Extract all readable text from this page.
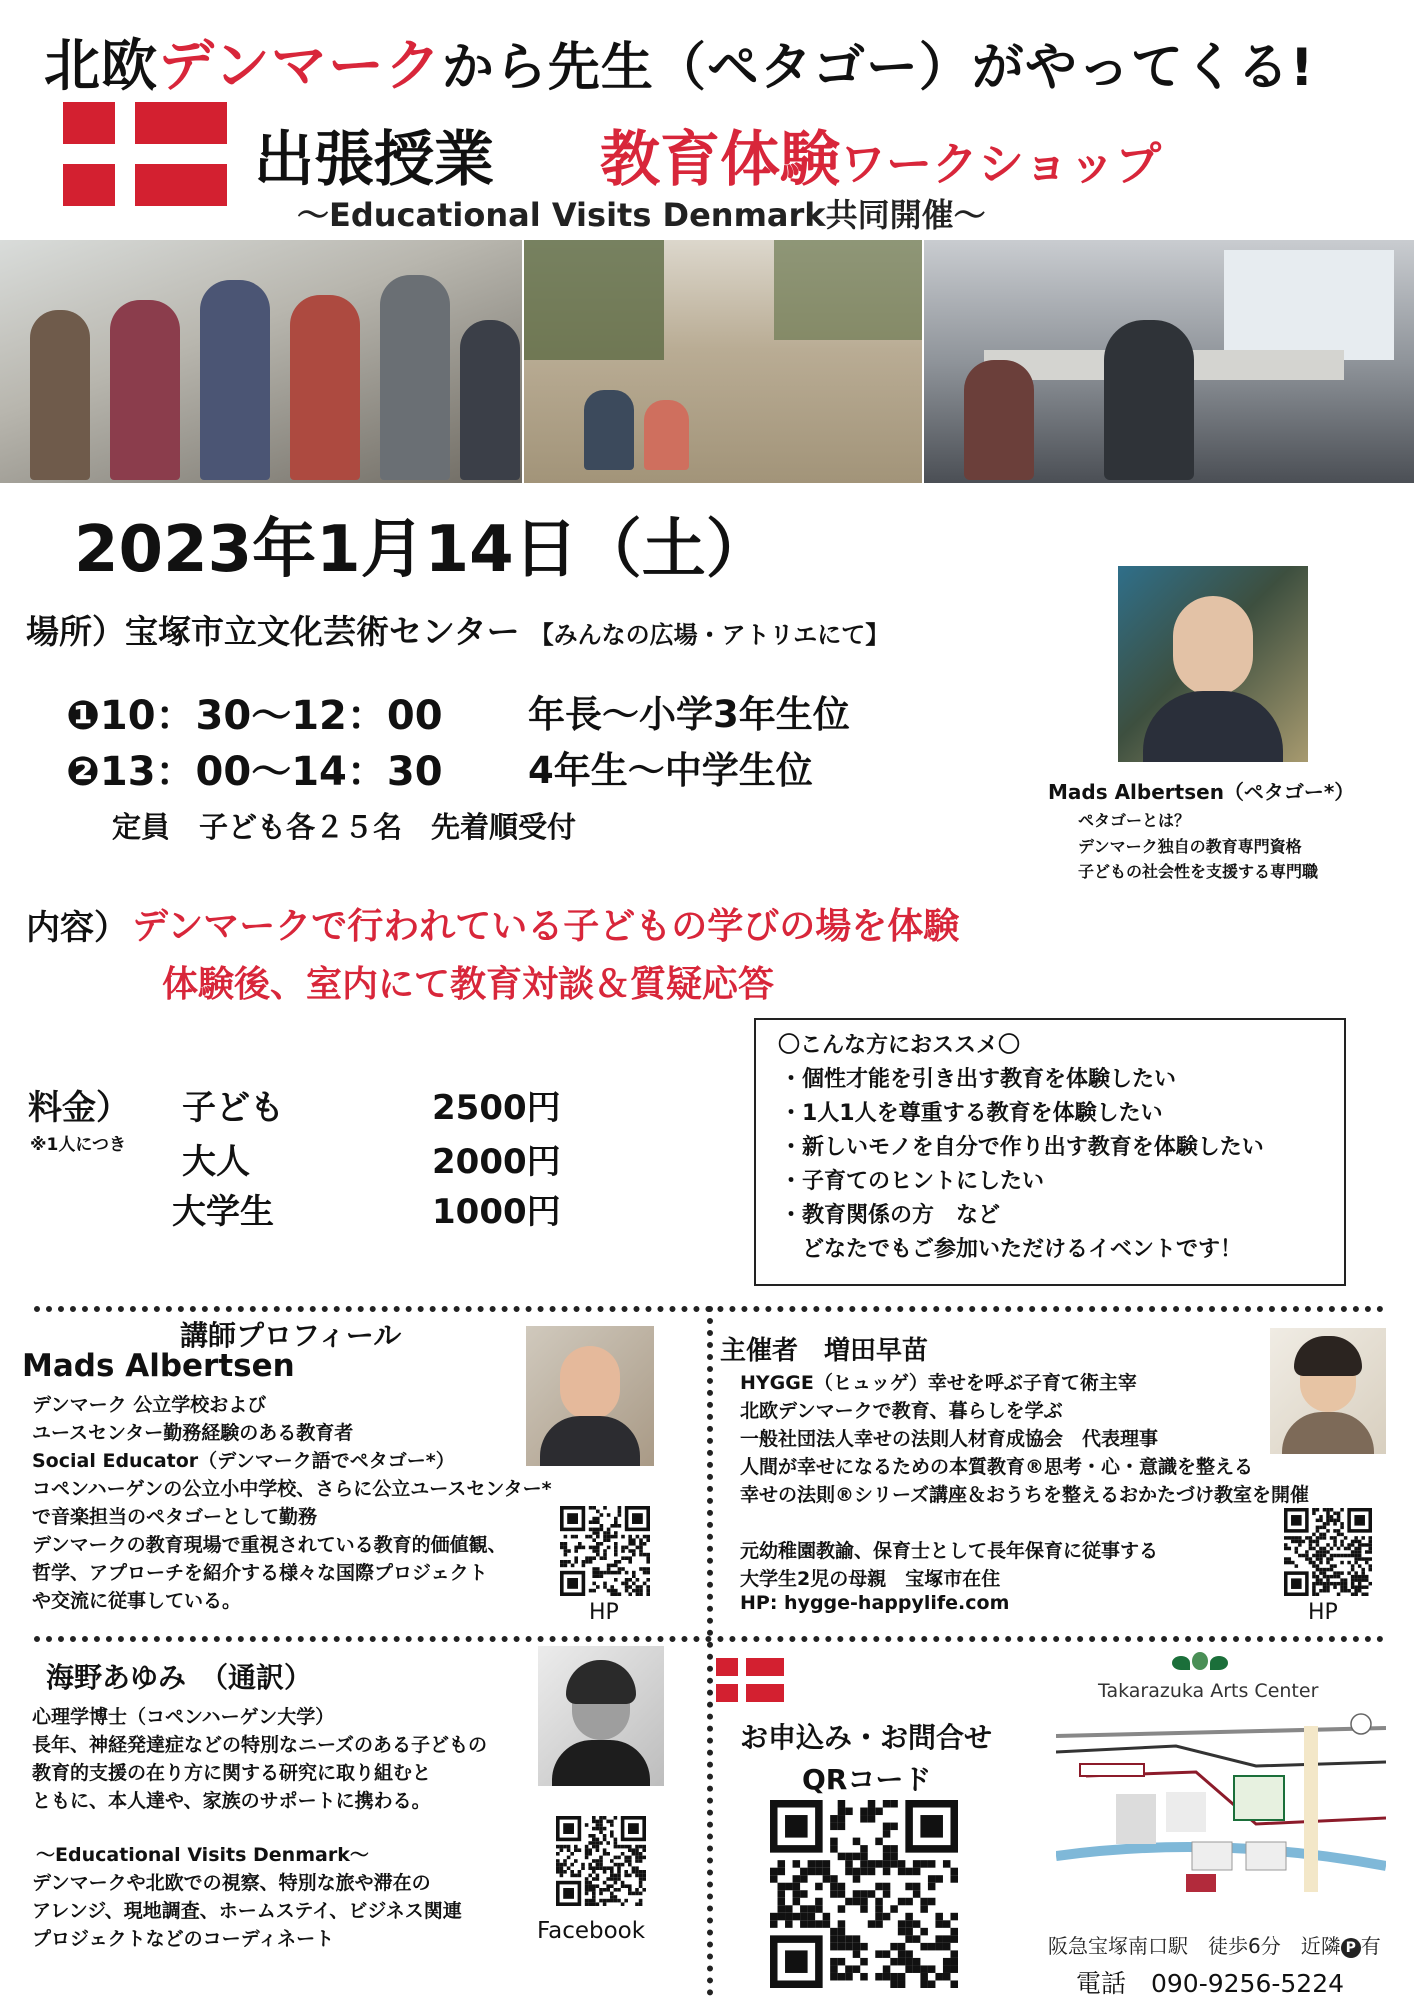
北欧デンマークから先生（ペタゴー）がやってくる!
出張授業 教育体験ワークショップ
〜Educational Visits Denmark共同開催〜
2023年1月14日（土）
場所）宝塚市立文化芸術センター 【みんなの広場・アトリエにて】
❶10：30〜12：00 年長〜小学3年生位
❷13：00〜14：30 4年生〜中学生位
定員　子ども各２５名　先着順受付
Mads Albertsen（ペタゴー*）
ペタゴーとは？
デンマーク独自の教育専門資格
子どもの社会性を支援する専門職
内容） デンマークで行われている子どもの学びの場を体験
体験後、室内にて教育対談＆質疑応答
料金）
※1人につき
子ども	2500円
大人	2000円
大学生	1000円
〇こんな方におススメ〇
・個性才能を引き出す教育を体験したい
・1人1人を尊重する教育を体験したい
・新しいモノを自分で作り出す教育を体験したい
・子育てのヒントにしたい
・教育関係の方　など
　どなたでもご参加いただけるイベントです！
講師プロフィール
Mads Albertsen
デンマーク 公立学校および
ユースセンター勤務経験のある教育者
Social Educator（デンマーク語でペタゴー*）
コペンハーゲンの公立小中学校、さらに公立ユースセンター*
で音楽担当のペタゴーとして勤務
デンマークの教育現場で重視されている教育的価値観、
哲学、アプローチを紹介する様々な国際プロジェクト
や交流に従事している。	HP
主催者　増田早苗
HYGGE（ヒュッゲ）幸せを呼ぶ子育て術主宰
北欧デンマークで教育、暮らしを学ぶ
一般社団法人幸せの法則人材育成協会　代表理事
人間が幸せになるための本質教育®思考・心・意識を整える
幸せの法則®シリーズ講座＆おうちを整えるおかたづけ教室を開催
元幼稚園教諭、保育士として長年保育に従事する
大学生2児の母親　宝塚市在住
HP: hygge-happylife.com	HP
海野あゆみ　（通訳）
心理学博士（コペンハーゲン大学）
長年、神経発達症などの特別なニーズのある子どもの
教育的支援の在り方に関する研究に取り組むと
ともに、本人達や、家族のサポートに携わる。
〜Educational Visits Denmark〜
デンマークや北欧での視察、特別な旅や滞在の
アレンジ、現地調査、ホームステイ、ビジネス関連
プロジェクトなどのコーディネート	Facebook
お申込み・お問合せ
QRコード
Takarazuka Arts Center
阪急宝塚南口駅　徒歩6分　近隣 P 有
電話　090-9256-5224
